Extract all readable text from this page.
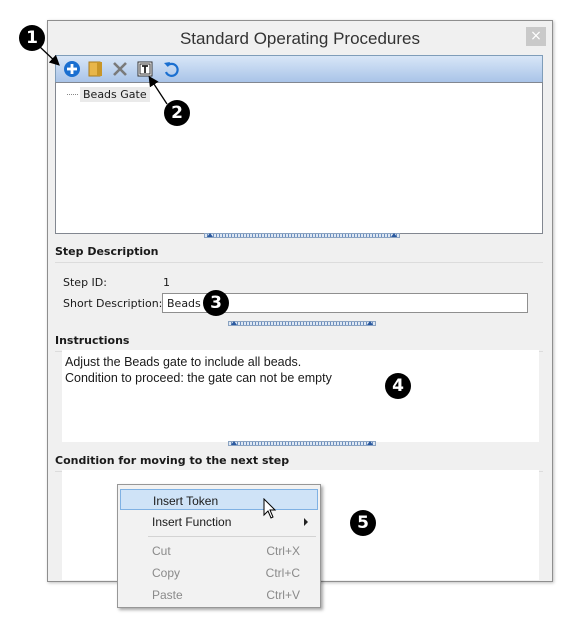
Standard Operating Procedures	×
Beads Gate
Step Description
Step ID:	1
Short Description: Beads
Instructions
Adjust the Beads gate to include all beads.
Condition to proceed: the gate can not be empty
Condition for moving to the next step
Insert Token
Insert Function
Cut	Ctrl+X
Copy	Ctrl+C
Paste	Ctrl+V
1
2
3
4
5
